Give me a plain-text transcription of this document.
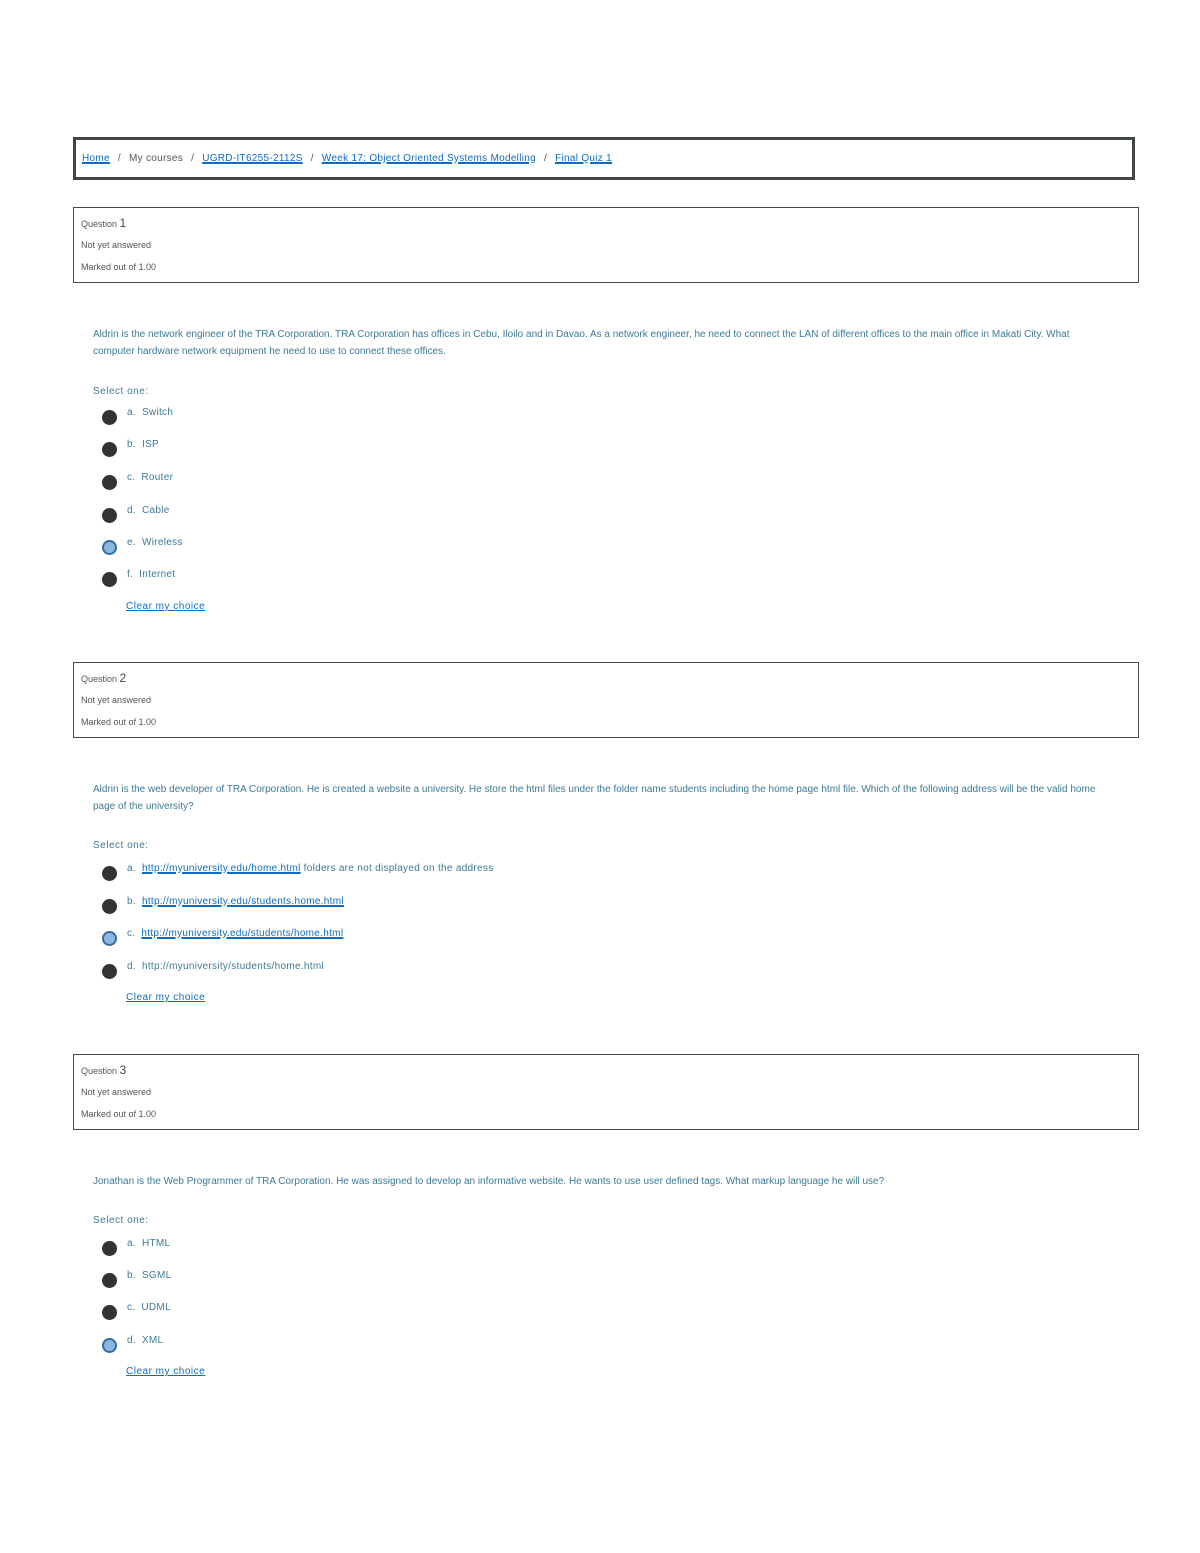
Home / My courses / UGRD-IT6255-2112S / Week 17: Object Oriented Systems Modelling / Final Quiz 1
Question 1
Not yet answered
Marked out of 1.00
Aldrin is the network engineer of the TRA Corporation. TRA Corporation has offices in Cebu, Iloilo and in Davao. As a network engineer, he need to connect the LAN of different offices to the main office in Makati City. What computer hardware network equipment he need to use to connect these offices.
Select one:
a. Switch
b. ISP
c. Router
d. Cable
e. Wireless
f. Internet
Clear my choice
Question 2
Not yet answered
Marked out of 1.00
Aldrin is the web developer of TRA Corporation. He is created a website a university. He store the html files under the folder name students including the home page html file. Which of the following address will be the valid home page of the university?
Select one:
a. http://myuniversity.edu/home.html folders are not displayed on the address
b. http://myuniversity.edu/students.home.html
c. http://myuniversity.edu/students/home.html
d. http://myuniversity/students/home.html
Clear my choice
Question 3
Not yet answered
Marked out of 1.00
Jonathan is the Web Programmer of TRA Corporation. He was assigned to develop an informative website. He wants to use user defined tags. What markup language he will use?
Select one:
a. HTML
b. SGML
c. UDML
d. XML
Clear my choice
